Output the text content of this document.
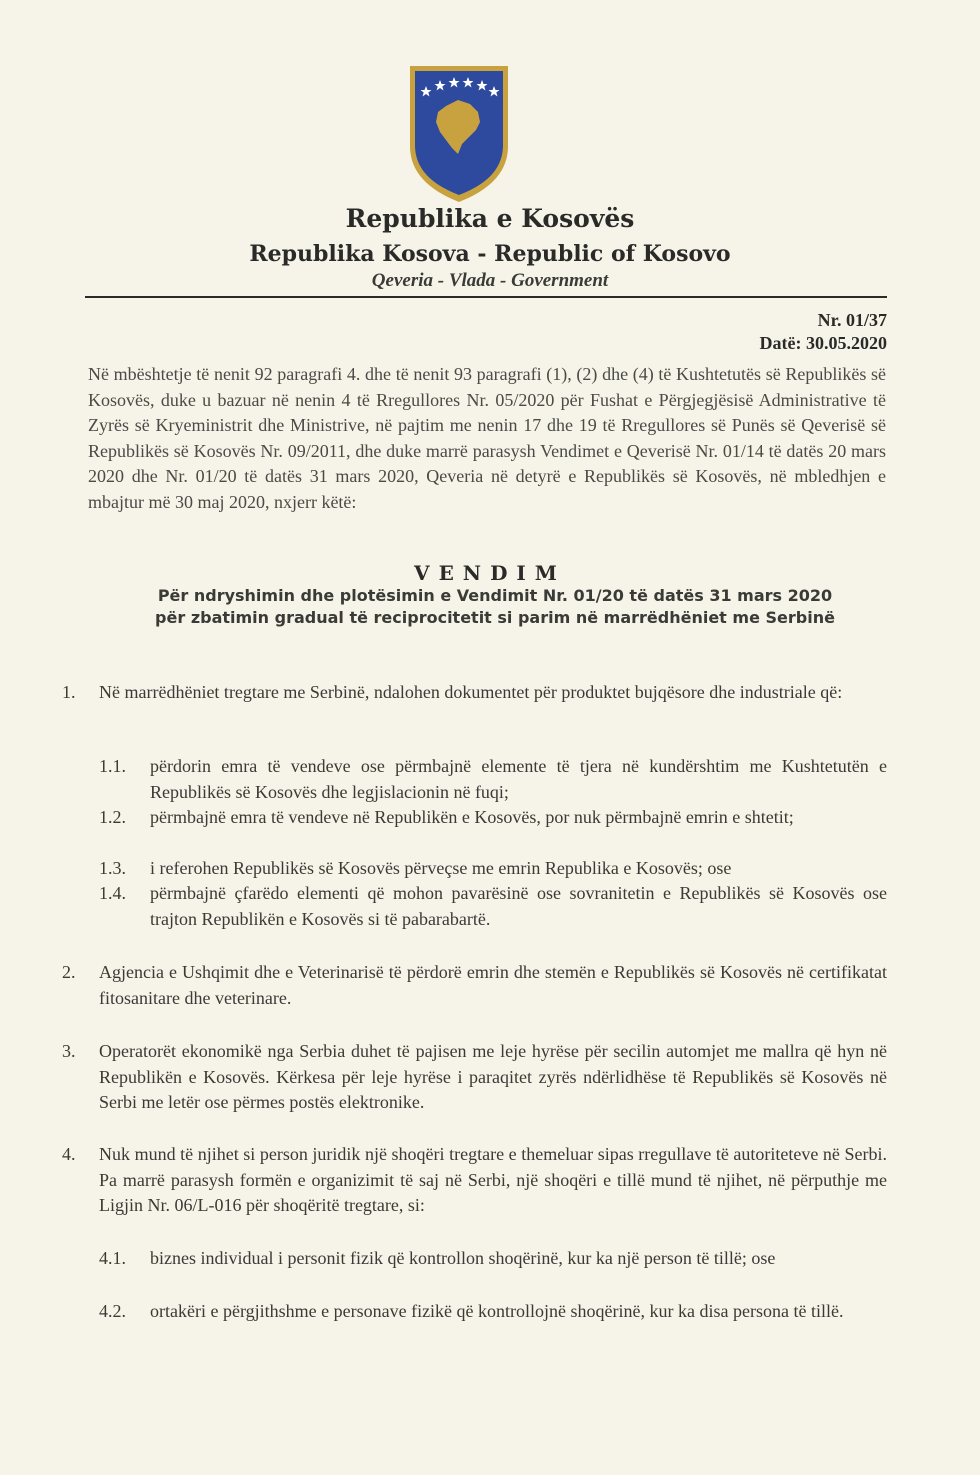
Republika e Kosovës
Republika Kosova - Republic of Kosovo
Qeveria - Vlada - Government
Nr. 01/37
Datë: 30.05.2020
Në mbështetje të nenit 92 paragrafi 4. dhe të nenit 93 paragrafi (1), (2) dhe (4) të Kushtetutës së Republikës së Kosovës, duke u bazuar në nenin 4 të Rregullores Nr. 05/2020 për Fushat e Përgjegjësisë Administrative të Zyrës së Kryeministrit dhe Ministrive, në pajtim me nenin 17 dhe 19 të Rregullores së Punës së Qeverisë së Republikës së Kosovës Nr. 09/2011, dhe duke marrë parasysh Vendimet e Qeverisë Nr. 01/14 të datës 20 mars 2020 dhe Nr. 01/20 të datës 31 mars 2020, Qeveria në detyrë e Republikës së Kosovës, në mbledhjen e mbajtur më 30 maj 2020, nxjerr këtë:
VENDIM
Për ndryshimin dhe plotësimin e Vendimit Nr. 01/20 të datës 31 mars 2020 për zbatimin gradual të reciprocitetit si parim në marrëdhëniet me Serbinë
1. Në marrëdhëniet tregtare me Serbinë, ndalohen dokumentet për produktet bujqësore dhe industriale që:
1.1. përdorin emra të vendeve ose përmbajnë elemente të tjera në kundërshtim me Kushtetutën e Republikës së Kosovës dhe legjislacionin në fuqi;
1.2. përmbajnë emra të vendeve në Republikën e Kosovës, por nuk përmbajnë emrin e shtetit;
1.3. i referohen Republikës së Kosovës përveçse me emrin Republika e Kosovës; ose
1.4. përmbajnë çfarëdo elementi që mohon pavarësinë ose sovranitetin e Republikës së Kosovës ose trajton Republikën e Kosovës si të pabarabartë.
2. Agjencia e Ushqimit dhe e Veterinarisë të përdorë emrin dhe stemën e Republikës së Kosovës në certifikatat fitosanitare dhe veterinare.
3. Operatorët ekonomikë nga Serbia duhet të pajisen me leje hyrëse për secilin automjet me mallra që hyn në Republikën e Kosovës. Kërkesa për leje hyrëse i paraqitet zyrës ndërlidhëse të Republikës së Kosovës në Serbi me letër ose përmes postës elektronike.
4. Nuk mund të njihet si person juridik një shoqëri tregtare e themeluar sipas rregullave të autoriteteve në Serbi. Pa marrë parasysh formën e organizimit të saj në Serbi, një shoqëri e tillë mund të njihet, në përputhje me Ligjin Nr. 06/L-016 për shoqëritë tregtare, si:
4.1. biznes individual i personit fizik që kontrollon shoqërinë, kur ka një person të tillë; ose
4.2. ortakëri e përgjithshme e personave fizikë që kontrollojnë shoqërinë, kur ka disa persona të tillë.
